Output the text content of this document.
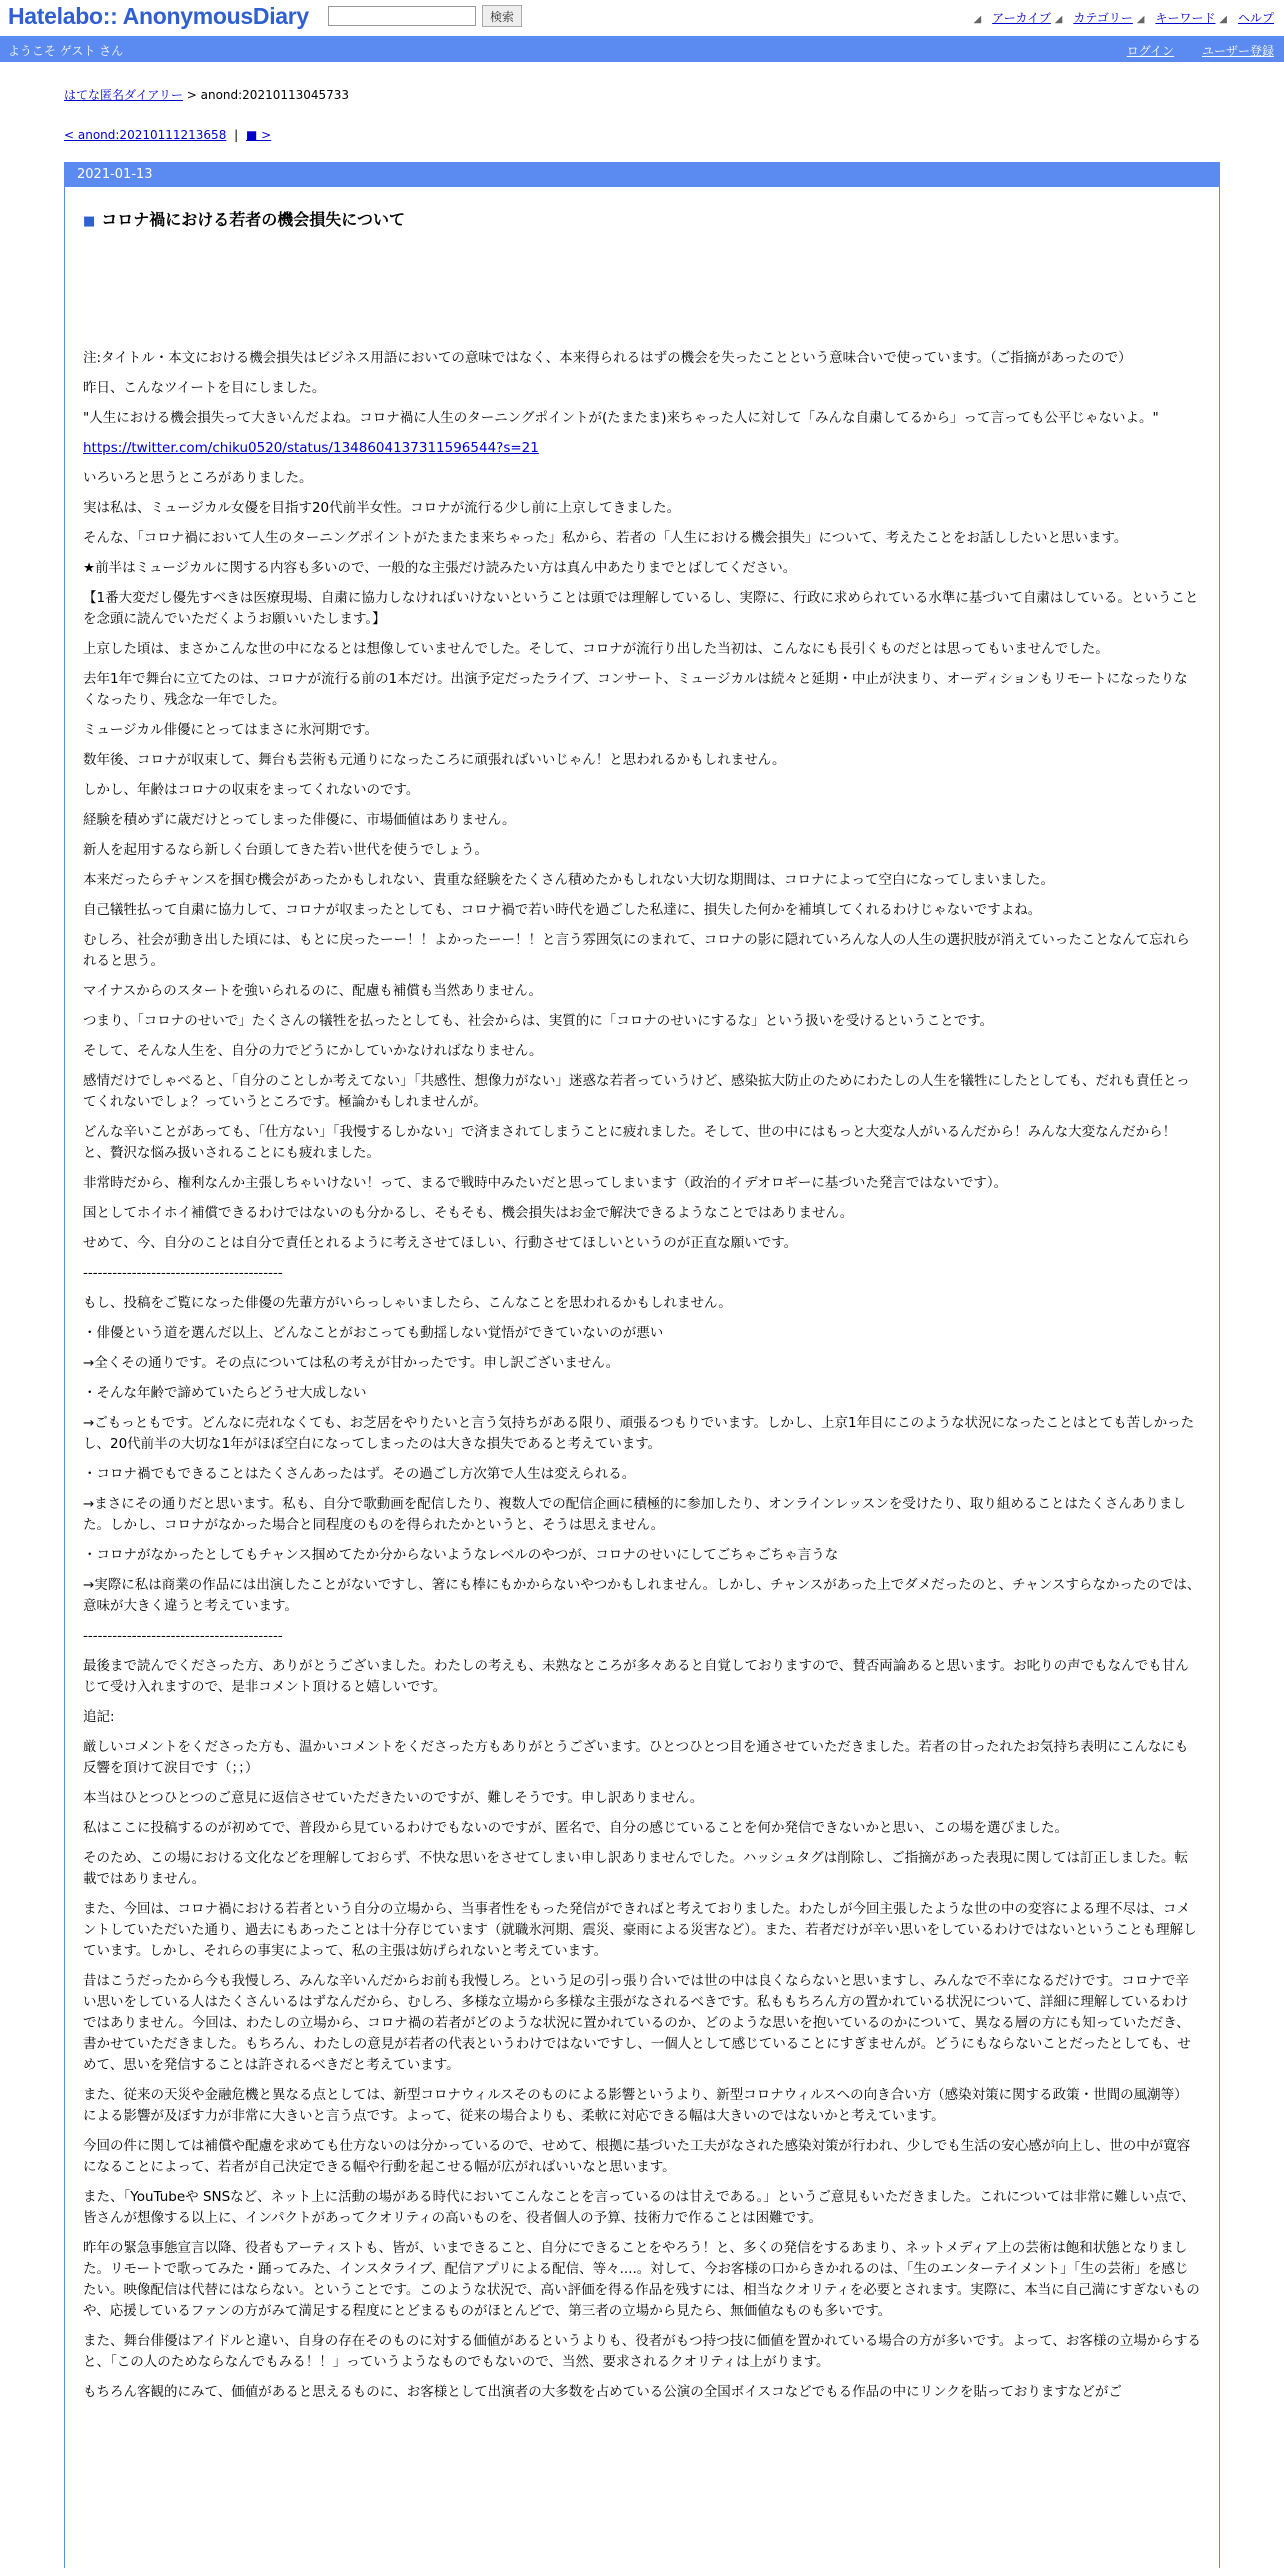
Hatelabo:: AnonymousDiary	検索	◢ アーカイブ ◢ カテゴリー ◢ キーワード ◢ ヘルプ
ようこそ ゲスト さん	ログイン ユーザー登録
はてな匿名ダイアリー > anond:20210113045733
< anond:20210111213658 | ■ >
2021-01-13
■ コロナ禍における若者の機会損失について

注:タイトル・本文における機会損失はビジネス用語においての意味ではなく、本来得られるはずの機会を失ったことという意味合いで使っています。（ご指摘があったので）

昨日、こんなツイートを目にしました。

"人生における機会損失って大きいんだよね。コロナ禍に人生のターニングポイントが(たまたま)来ちゃった人に対して「みんな自粛してるから」って言っても公平じゃないよ。"

https://twitter.com/chiku0520/status/1348604137311596544?s=21

いろいろと思うところがありました。

実は私は、ミュージカル女優を目指す20代前半女性。コロナが流行る少し前に上京してきました。

そんな、「コロナ禍において人生のターニングポイントがたまたま来ちゃった」私から、若者の「人生における機会損失」について、考えたことをお話ししたいと思います。

★前半はミュージカルに関する内容も多いので、一般的な主張だけ読みたい方は真ん中あたりまでとばしてください。

【1番大変だし優先すべきは医療現場、自粛に協力しなければいけないということは頭では理解しているし、実際に、行政に求められている水準に基づいて自粛はしている。ということを念頭に読んでいただくようお願いいたします。】

上京した頃は、まさかこんな世の中になるとは想像していませんでした。そして、コロナが流行り出した当初は、こんなにも長引くものだとは思ってもいませんでした。

去年1年で舞台に立てたのは、コロナが流行る前の1本だけ。出演予定だったライブ、コンサート、ミュージカルは続々と延期・中止が決まり、オーディションもリモートになったりなくなったり、残念な一年でした。

ミュージカル俳優にとってはまさに氷河期です。

数年後、コロナが収束して、舞台も芸術も元通りになったころに頑張ればいいじゃん！と思われるかもしれません。

しかし、年齢はコロナの収束をまってくれないのです。

経験を積めずに歳だけとってしまった俳優に、市場価値はありません。

新人を起用するなら新しく台頭してきた若い世代を使うでしょう。

本来だったらチャンスを掴む機会があったかもしれない、貴重な経験をたくさん積めたかもしれない大切な期間は、コロナによって空白になってしまいました。

自己犠牲払って自粛に協力して、コロナが収まったとしても、コロナ禍で若い時代を過ごした私達に、損失した何かを補填してくれるわけじゃないですよね。

むしろ、社会が動き出した頃には、もとに戻ったーー！！よかったーー！！と言う雰囲気にのまれて、コロナの影に隠れていろんな人の人生の選択肢が消えていったことなんて忘れられると思う。

マイナスからのスタートを強いられるのに、配慮も補償も当然ありません。

つまり、「コロナのせいで」たくさんの犠牲を払ったとしても、社会からは、実質的に「コロナのせいにするな」という扱いを受けるということです。

そして、そんな人生を、自分の力でどうにかしていかなければなりません。

感情だけでしゃべると、「自分のことしか考えてない」「共感性、想像力がない」迷惑な若者っていうけど、感染拡大防止のためにわたしの人生を犠牲にしたとしても、だれも責任とってくれないでしょ？っていうところです。極論かもしれませんが。

どんな辛いことがあっても、「仕方ない」「我慢するしかない」で済まされてしまうことに疲れました。そして、世の中にはもっと大変な人がいるんだから！みんな大変なんだから！と、贅沢な悩み扱いされることにも疲れました。

非常時だから、権利なんか主張しちゃいけない！って、まるで戦時中みたいだと思ってしまいます（政治的イデオロギーに基づいた発言ではないです）。

国としてホイホイ補償できるわけではないのも分かるし、そもそも、機会損失はお金で解決できるようなことではありません。

せめて、今、自分のことは自分で責任とれるように考えさせてほしい、行動させてほしいというのが正直な願いです。

-----------------------------------------

もし、投稿をご覧になった俳優の先輩方がいらっしゃいましたら、こんなことを思われるかもしれません。

・俳優という道を選んだ以上、どんなことがおこっても動揺しない覚悟ができていないのが悪い

→全くその通りです。その点については私の考えが甘かったです。申し訳ございません。

・そんな年齢で諦めていたらどうせ大成しない

→ごもっともです。どんなに売れなくても、お芝居をやりたいと言う気持ちがある限り、頑張るつもりでいます。しかし、上京1年目にこのような状況になったことはとても苦しかったし、20代前半の大切な1年がほぼ空白になってしまったのは大きな損失であると考えています。

・コロナ禍でもできることはたくさんあったはず。その過ごし方次第で人生は変えられる。

→まさにその通りだと思います。私も、自分で歌動画を配信したり、複数人での配信企画に積極的に参加したり、オンラインレッスンを受けたり、取り組めることはたくさんありました。しかし、コロナがなかった場合と同程度のものを得られたかというと、そうは思えません。

・コロナがなかったとしてもチャンス掴めてたか分からないようなレベルのやつが、コロナのせいにしてごちゃごちゃ言うな

→実際に私は商業の作品には出演したことがないですし、箸にも棒にもかからないやつかもしれません。しかし、チャンスがあった上でダメだったのと、チャンスすらなかったのでは、意味が大きく違うと考えています。

-----------------------------------------

最後まで読んでくださった方、ありがとうございました。わたしの考えも、未熟なところが多々あると自覚しておりますので、賛否両論あると思います。お叱りの声でもなんでも甘んじて受け入れますので、是非コメント頂けると嬉しいです。

追記:

厳しいコメントをくださった方も、温かいコメントをくださった方もありがとうございます。ひとつひとつ目を通させていただきました。若者の甘ったれたお気持ち表明にこんなにも反響を頂けて涙目です（；；）

本当はひとつひとつのご意見に返信させていただきたいのですが、難しそうです。申し訳ありません。

私はここに投稿するのが初めてで、普段から見ているわけでもないのですが、匿名で、自分の感じていることを何か発信できないかと思い、この場を選びました。

そのため、この場における文化などを理解しておらず、不快な思いをさせてしまい申し訳ありませんでした。ハッシュタグは削除し、ご指摘があった表現に関しては訂正しました。転載ではありません。

また、今回は、コロナ禍における若者という自分の立場から、当事者性をもった発信ができればと考えておりました。わたしが今回主張したような世の中の変容による理不尽は、コメントしていただいた通り、過去にもあったことは十分存じています（就職氷河期、震災、豪雨による災害など）。また、若者だけが辛い思いをしているわけではないということも理解しています。しかし、それらの事実によって、私の主張は妨げられないと考えています。

昔はこうだったから今も我慢しろ、みんな辛いんだからお前も我慢しろ。という足の引っ張り合いでは世の中は良くならないと思いますし、みんなで不幸になるだけです。コロナで辛い思いをしている人はたくさんいるはずなんだから、むしろ、多様な立場から多様な主張がなされるべきです。私ももちろん方の置かれている状況について、詳細に理解しているわけではありません。今回は、わたしの立場から、コロナ禍の若者がどのような状況に置かれているのか、どのような思いを抱いているのかについて、異なる層の方にも知っていただき、書かせていただきました。もちろん、わたしの意見が若者の代表というわけではないですし、一個人として感じていることにすぎませんが。どうにもならないことだったとしても、せめて、思いを発信することは許されるべきだと考えています。

また、従来の天災や金融危機と異なる点としては、新型コロナウィルスそのものによる影響というより、新型コロナウィルスへの向き合い方（感染対策に関する政策・世間の風潮等）による影響が及ぼす力が非常に大きいと言う点です。よって、従来の場合よりも、柔軟に対応できる幅は大きいのではないかと考えています。

今回の件に関しては補償や配慮を求めても仕方ないのは分かっているので、せめて、根拠に基づいた工夫がなされた感染対策が行われ、少しでも生活の安心感が向上し、世の中が寛容になることによって、若者が自己決定できる幅や行動を起こせる幅が広がればいいなと思います。

また、「YouTubeや SNSなど、ネット上に活動の場がある時代においてこんなことを言っているのは甘えである。」というご意見もいただきました。これについては非常に難しい点で、皆さんが想像する以上に、インパクトがあってクオリティの高いものを、役者個人の予算、技術力で作ることは困難です。

昨年の緊急事態宣言以降、役者もアーティストも、皆が、いまできること、自分にできることをやろう！と、多くの発信をするあまり、ネットメディア上の芸術は飽和状態となりました。リモートで歌ってみた・踊ってみた、インスタライブ、配信アプリによる配信、等々....。対して、今お客様の口からきかれるのは、「生のエンターテイメント」「生の芸術」を感じたい。映像配信は代替にはならない。ということです。このような状況で、高い評価を得る作品を残すには、相当なクオリティを必要とされます。実際に、本当に自己満にすぎないものや、応援しているファンの方がみて満足する程度にとどまるものがほとんどで、第三者の立場から見たら、無価値なものも多いです。

また、舞台俳優はアイドルと違い、自身の存在そのものに対する価値があるというよりも、役者がもつ持つ技に価値を置かれている場合の方が多いです。よって、お客様の立場からすると、「この人のためならなんでもみる！！」っていうようなものでもないので、当然、要求されるクオリティは上がります。

もちろん客観的にみて、価値があると思えるものに、お客様として出演者の大多数を占めている公演の全国ボイスコなどでもる作品の中にリンクを貼っておりますなどがご
